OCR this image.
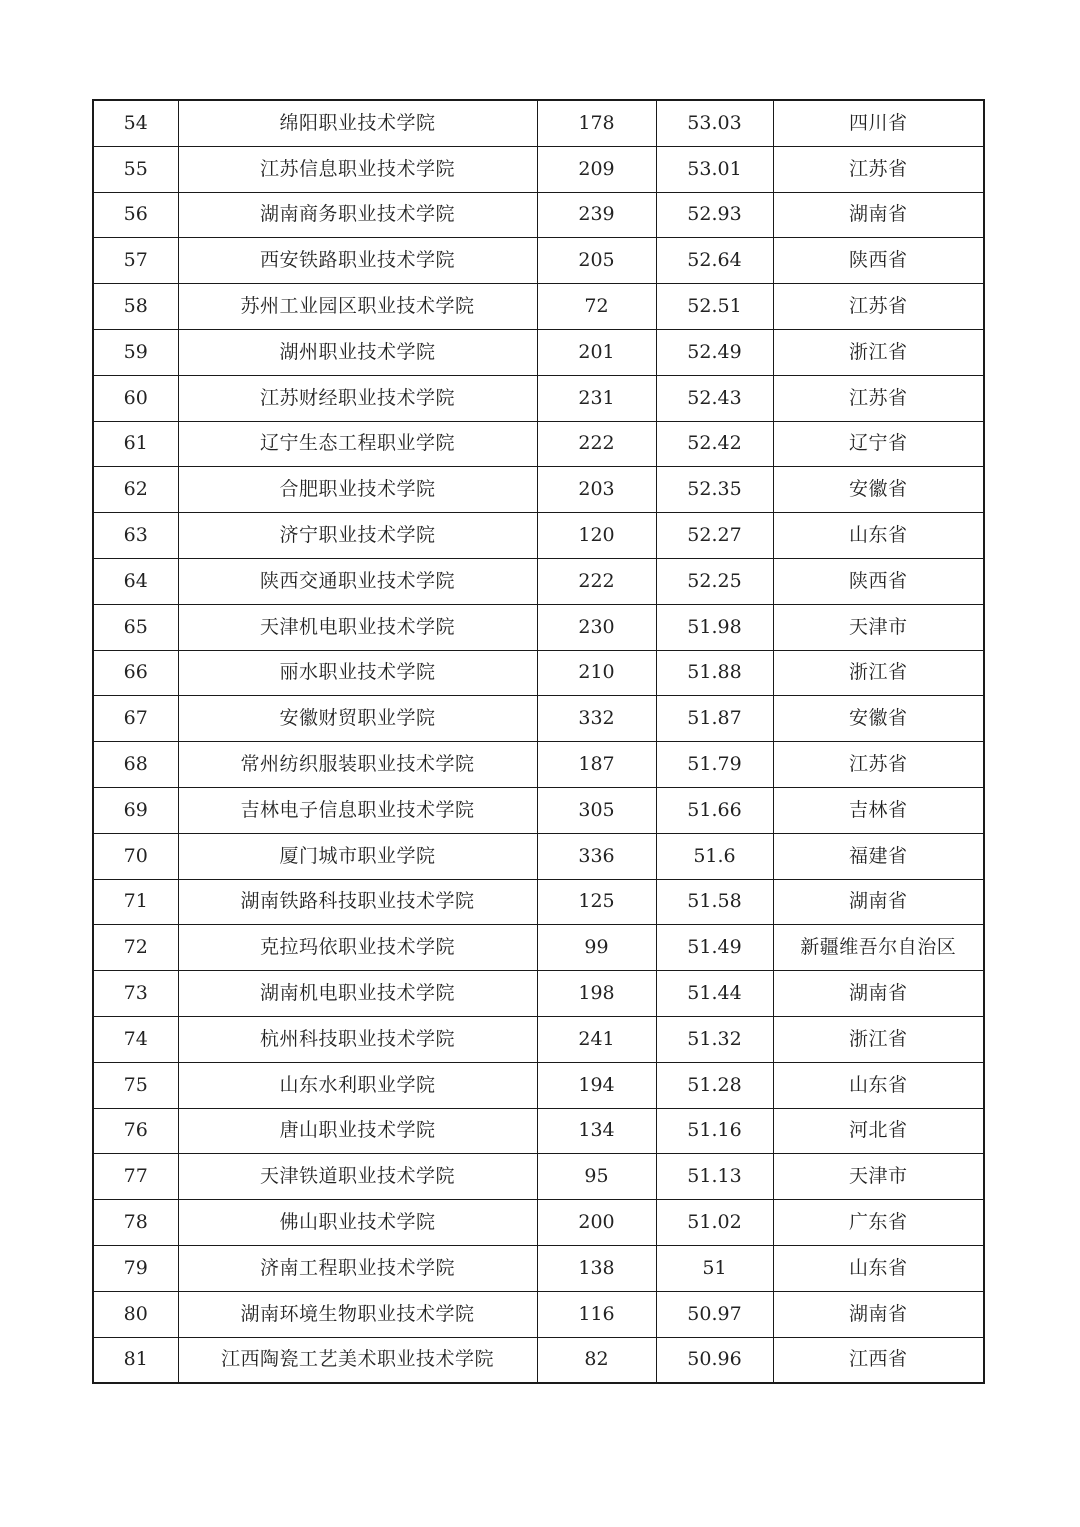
54	绵阳职业技术学院	178	53.03	四川省
55	江苏信息职业技术学院	209	53.01	江苏省
56	湖南商务职业技术学院	239	52.93	湖南省
57	西安铁路职业技术学院	205	52.64	陕西省
58	苏州工业园区职业技术学院	72	52.51	江苏省
59	湖州职业技术学院	201	52.49	浙江省
60	江苏财经职业技术学院	231	52.43	江苏省
61	辽宁生态工程职业学院	222	52.42	辽宁省
62	合肥职业技术学院	203	52.35	安徽省
63	济宁职业技术学院	120	52.27	山东省
64	陕西交通职业技术学院	222	52.25	陕西省
65	天津机电职业技术学院	230	51.98	天津市
66	丽水职业技术学院	210	51.88	浙江省
67	安徽财贸职业学院	332	51.87	安徽省
68	常州纺织服装职业技术学院	187	51.79	江苏省
69	吉林电子信息职业技术学院	305	51.66	吉林省
70	厦门城市职业学院	336	51.6	福建省
71	湖南铁路科技职业技术学院	125	51.58	湖南省
72	克拉玛依职业技术学院	99	51.49	新疆维吾尔自治区
73	湖南机电职业技术学院	198	51.44	湖南省
74	杭州科技职业技术学院	241	51.32	浙江省
75	山东水利职业学院	194	51.28	山东省
76	唐山职业技术学院	134	51.16	河北省
77	天津铁道职业技术学院	95	51.13	天津市
78	佛山职业技术学院	200	51.02	广东省
79	济南工程职业技术学院	138	51	山东省
80	湖南环境生物职业技术学院	116	50.97	湖南省
81	江西陶瓷工艺美术职业技术学院	82	50.96	江西省
